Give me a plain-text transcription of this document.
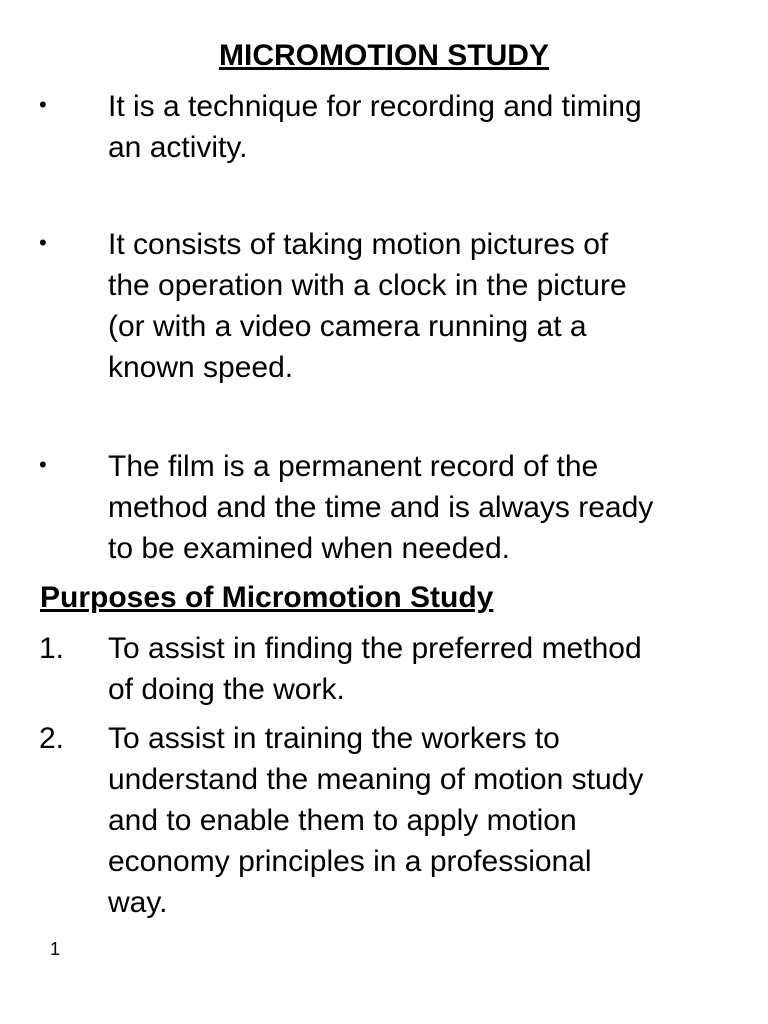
MICROMOTION STUDY
• It is a technique for recording and timing
an activity.
• It consists of taking motion pictures of
the operation with a clock in the picture
(or with a video camera running at a
known speed.
• The film is a permanent record of the
method and the time and is always ready
to be examined when needed.
Purposes of Micromotion Study
1. To assist in finding the preferred method
of doing the work.
2. To assist in training the workers to
understand the meaning of motion study
and to enable them to apply motion
economy principles in a professional
way.
1
